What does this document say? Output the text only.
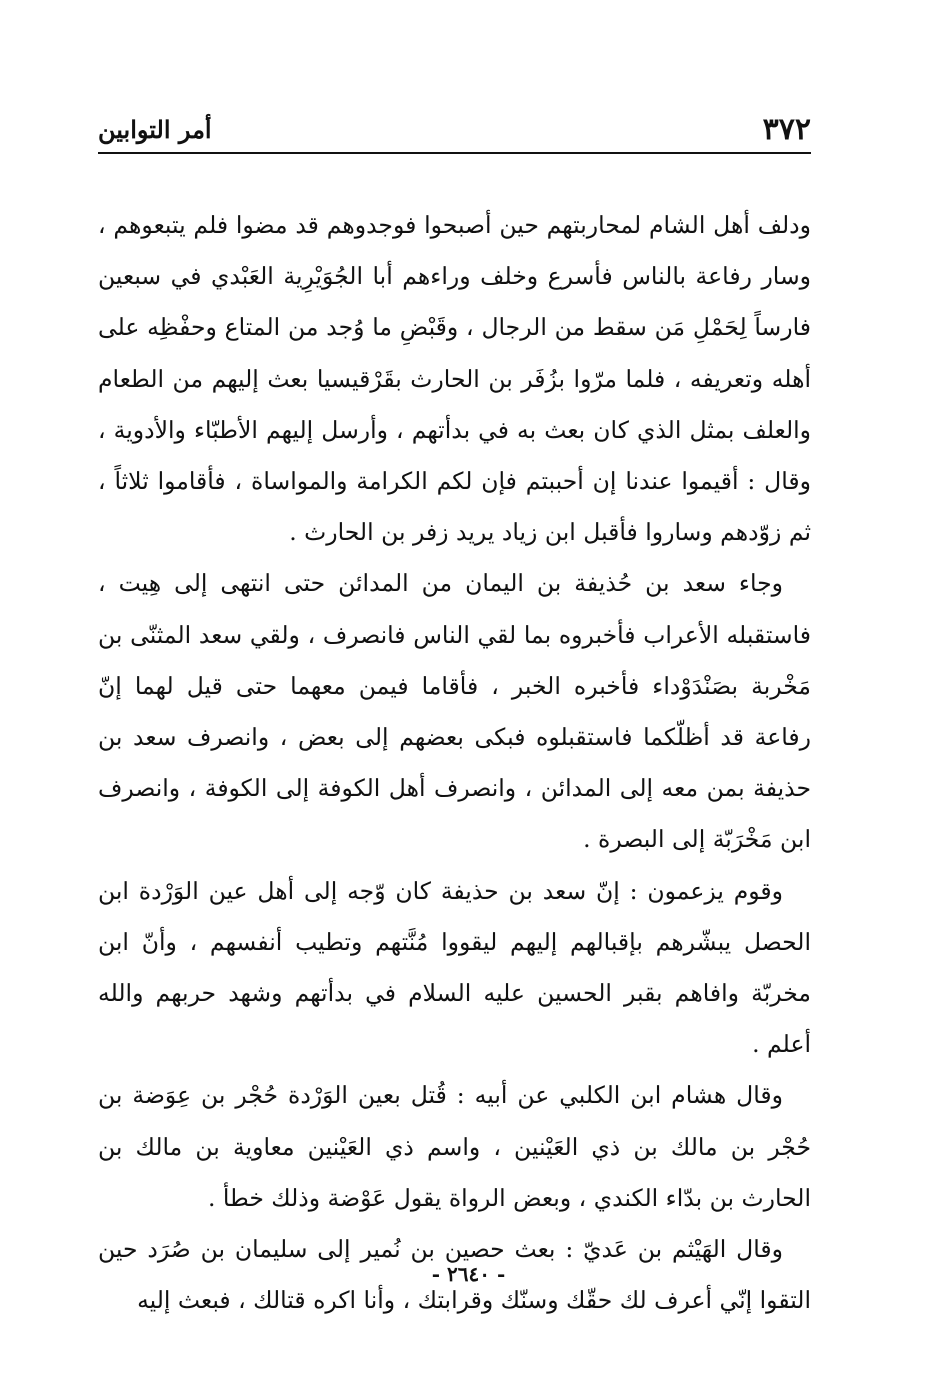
٣٧٢
أمر التوابين

ودلف أهل الشام لمحاربتهم حين أصبحوا فوجدوهم قد مضوا فلم يتبعوهم ، وسار رفاعة بالناس فأسرع وخلف وراءهم أبا الجُوَيْرِية العَبْدي في سبعين فارساً لِحَمْلِ مَن سقط من الرجال ، وقَبْضِ ما وُجد من المتاع وحفْظِه على أهله وتعريفه ، فلما مرّوا بزُفَر بن الحارث بقَرْقيسيا بعث إليهم من الطعام والعلف بمثل الذي كان بعث به في بدأتهم ، وأرسل إليهم الأطبّاء والأدوية ، وقال : أقيموا عندنا إن أحببتم فإن لكم الكرامة والمواساة ، فأقاموا ثلاثاً ، ثم زوّدهم وساروا فأقبل ابن زياد يريد زفر بن الحارث .

وجاء سعد بن حُذيفة بن اليمان من المدائن حتى انتهى إلى هِيت ، فاستقبله الأعراب فأخبروه بما لقي الناس فانصرف ، ولقي سعد المثنّى بن مَخْربة بصَنْدَوْداء فأخبره الخبر ، فأقاما فيمن معهما حتى قيل لهما إنّ رفاعة قد أظلّكما فاستقبلوه فبكى بعضهم إلى بعض ، وانصرف سعد بن حذيفة بمن معه إلى المدائن ، وانصرف أهل الكوفة إلى الكوفة ، وانصرف ابن مَخْرَبّة إلى البصرة .

وقوم يزعمون : إنّ سعد بن حذيفة كان وّجه إلى أهل عين الوَرْدة ابن الحصل يبشّرهم بإقبالهم إليهم ليقووا مُنَّتهم وتطيب أنفسهم ، وأنّ ابن مخربّة وافاهم بقبر الحسين عليه السلام في بدأتهم وشهد حربهم والله أعلم .

وقال هشام ابن الكلبي عن أبيه : قُتل بعين الوَرْدة حُجْر بن عِوَضة بن حُجْر بن مالك بن ذي العَيْنين ، واسم ذي العَيْنين معاوية بن مالك بن الحارث بن بدّاء الكندي ، وبعض الرواة يقول عَوْضة وذلك خطأ .

وقال الهَيْثم بن عَديّ : بعث حصين بن نُمير إلى سليمان بن صُرَد حين التقوا إنّي أعرف لك حقّك وسنّك وقرابتك ، وأنا اكره قتالك ، فبعث إليه

- ٢٦٤٠ -
